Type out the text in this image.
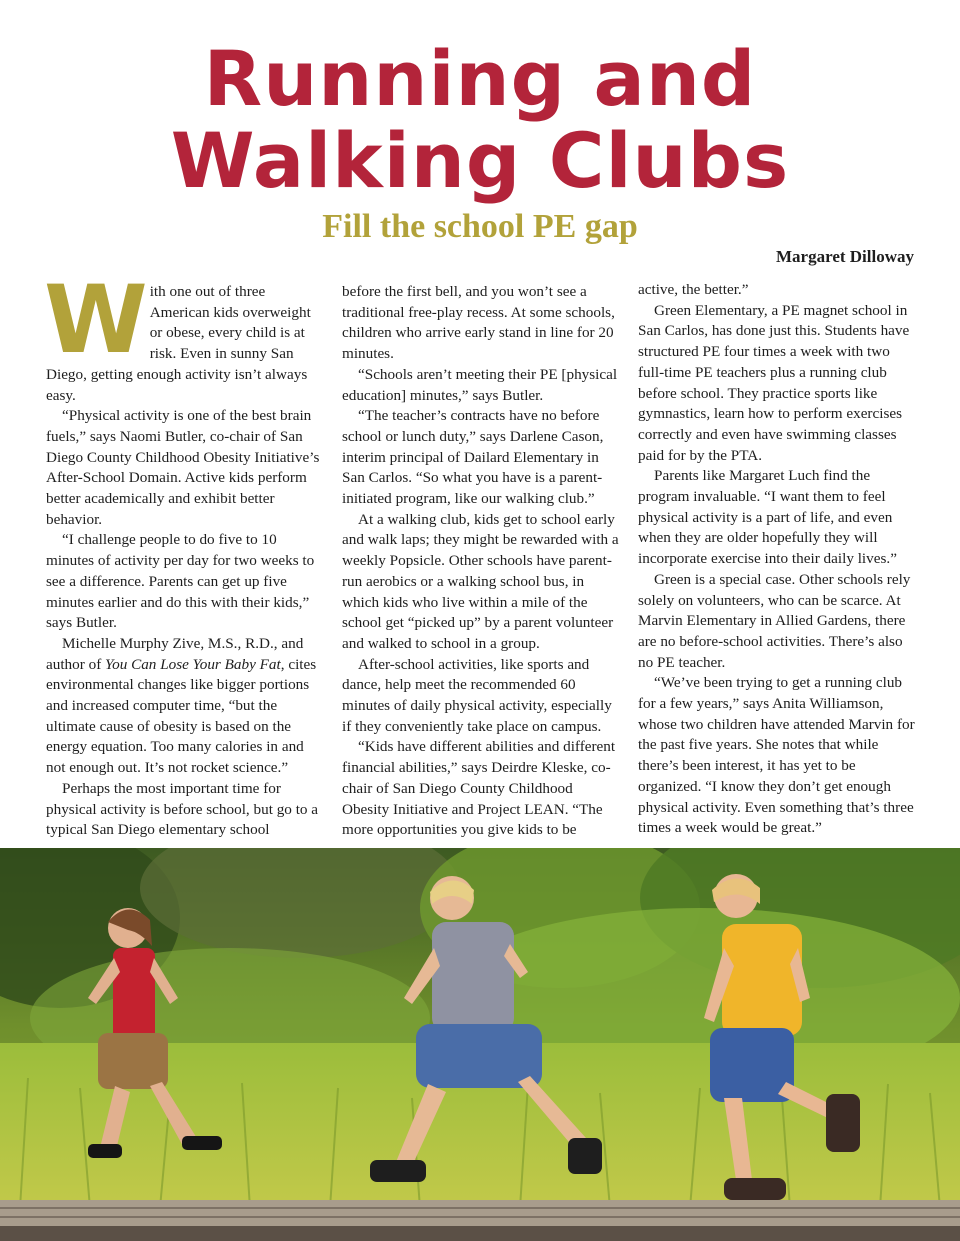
Running and
Walking Clubs
Fill the school PE gap
Margaret Dilloway
W ith one out of three American kids overweight or obese, every child is at risk. Even in sunny San Diego, getting enough activity isn’t always easy.

“Physical activity is one of the best brain fuels,” says Naomi Butler, co-chair of San Diego County Childhood Obesity Initiative’s After-School Domain. Active kids perform better academically and exhibit better behavior.

“I challenge people to do five to 10 minutes of activity per day for two weeks to see a difference. Parents can get up five minutes earlier and do this with their kids,” says Butler.

Michelle Murphy Zive, M.S., R.D., and author of You Can Lose Your Baby Fat, cites environmental changes like bigger portions and increased computer time, “but the ultimate cause of obesity is based on the energy equation. Too many calories in and not enough out. It’s not rocket science.”

Perhaps the most important time for physical activity is before school, but go to a typical San Diego elementary school

before the first bell, and you won’t see a traditional free-play recess. At some schools, children who arrive early stand in line for 20 minutes.

“Schools aren’t meeting their PE [physical education] minutes,” says Butler.

“The teacher’s contracts have no before school or lunch duty,” says Darlene Cason, interim principal of Dailard Elementary in San Carlos. “So what you have is a parent-initiated program, like our walking club.”

At a walking club, kids get to school early and walk laps; they might be rewarded with a weekly Popsicle. Other schools have parent-run aerobics or a walking school bus, in which kids who live within a mile of the school get “picked up” by a parent volunteer and walked to school in a group.

After-school activities, like sports and dance, help meet the recommended 60 minutes of daily physical activity, especially if they conveniently take place on campus.

“Kids have different abilities and different financial abilities,” says Deirdre Kleske, co-chair of San Diego County Childhood Obesity Initiative and Project LEAN. “The more opportunities you give kids to be

active, the better.”

Green Elementary, a PE magnet school in San Carlos, has done just this. Students have structured PE four times a week with two full-time PE teachers plus a running club before school. They practice sports like gymnastics, learn how to perform exercises correctly and even have swimming classes paid for by the PTA.

Parents like Margaret Luch find the program invaluable. “I want them to feel physical activity is a part of life, and even when they are older hopefully they will incorporate exercise into their daily lives.”

Green is a special case. Other schools rely solely on volunteers, who can be scarce. At Marvin Elementary in Allied Gardens, there are no before-school activities. There’s also no PE teacher.

“We’ve been trying to get a running club for a few years,” says Anita Williamson, whose two children have attended Marvin for the past five years. She notes that while there’s been interest, it has yet to be organized. “I know they don’t get enough physical activity. Even something that’s three times a week would be great.”
